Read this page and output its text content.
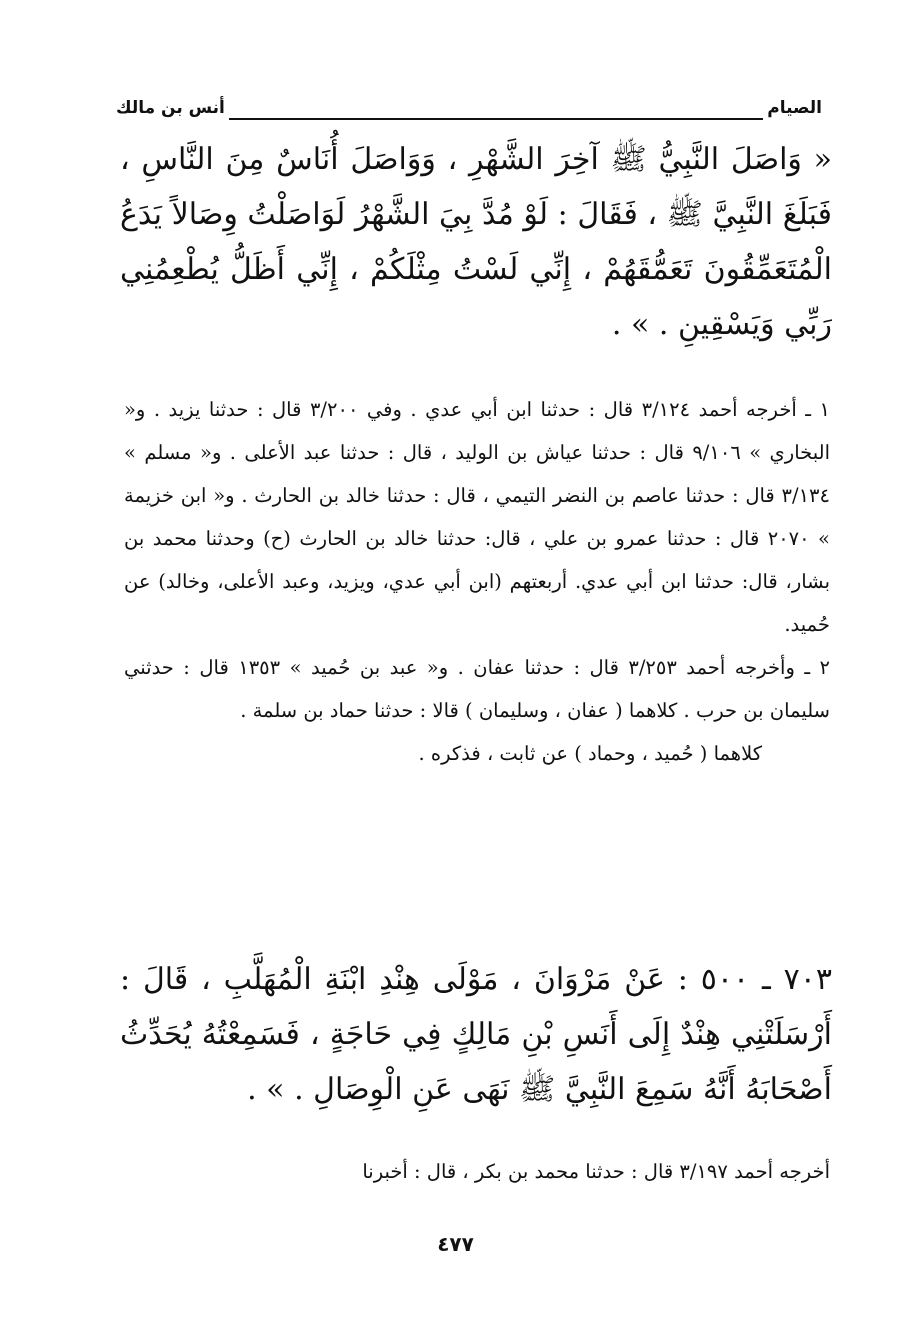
الصيام
أنس بن مالك
« وَاصَلَ النَّبِيُّ ﷺ آخِرَ الشَّهْرِ ، وَوَاصَلَ أُنَاسٌ مِنَ النَّاسِ ، فَبَلَغَ النَّبِيَّ ﷺ ، فَقَالَ : لَوْ مُدَّ بِيَ الشَّهْرُ لَوَاصَلْتُ وِصَالاً يَدَعُ الْمُتَعَمِّقُونَ تَعَمُّقَهُمْ ، إِنِّي لَسْتُ مِثْلَكُمْ ، إِنِّي أَظَلُّ يُطْعِمُنِي رَبِّي وَيَسْقِينِ . » .

١ ـ أخرجه أحمد ٣/١٢٤ قال : حدثنا ابن أبي عدي . وفي ٣/٢٠٠ قال : حدثنا يزيد . و« البخاري » ٩/١٠٦ قال : حدثنا عياش بن الوليد ، قال : حدثنا عبد الأعلى . و« مسلم » ٣/١٣٤ قال : حدثنا عاصم بن النضر التيمي ، قال : حدثنا خالد بن الحارث . و« ابن خزيمة » ٢٠٧٠ قال : حدثنا عمرو بن علي ، قال: حدثنا خالد بن الحارث (ح) وحدثنا محمد بن بشار، قال: حدثنا ابن أبي عدي. أربعتهم (ابن أبي عدي، ويزيد، وعبد الأعلى، وخالد) عن حُميد.

٢ ـ وأخرجه أحمد ٣/٢٥٣ قال : حدثنا عفان . و« عبد بن حُميد » ١٣٥٣ قال : حدثني سليمان بن حرب . كلاهما ( عفان ، وسليمان ) قالا : حدثنا حماد بن سلمة .

كلاهما ( حُميد ، وحماد ) عن ثابت ، فذكره .

٧٠٣ ـ ٥٠٠ : عَنْ مَرْوَانَ ، مَوْلَى هِنْدِ ابْنَةِ الْمُهَلَّبِ ، قَالَ : أَرْسَلَتْنِي هِنْدٌ إِلَى أَنَسِ بْنِ مَالِكٍ فِي حَاجَةٍ ، فَسَمِعْتُهُ يُحَدِّثُ أَصْحَابَهُ أَنَّهُ سَمِعَ النَّبِيَّ ﷺ نَهَى عَنِ الْوِصَالِ . » .

أخرجه أحمد ٣/١٩٧ قال : حدثنا محمد بن بكر ، قال : أخبرنا

٤٧٧
